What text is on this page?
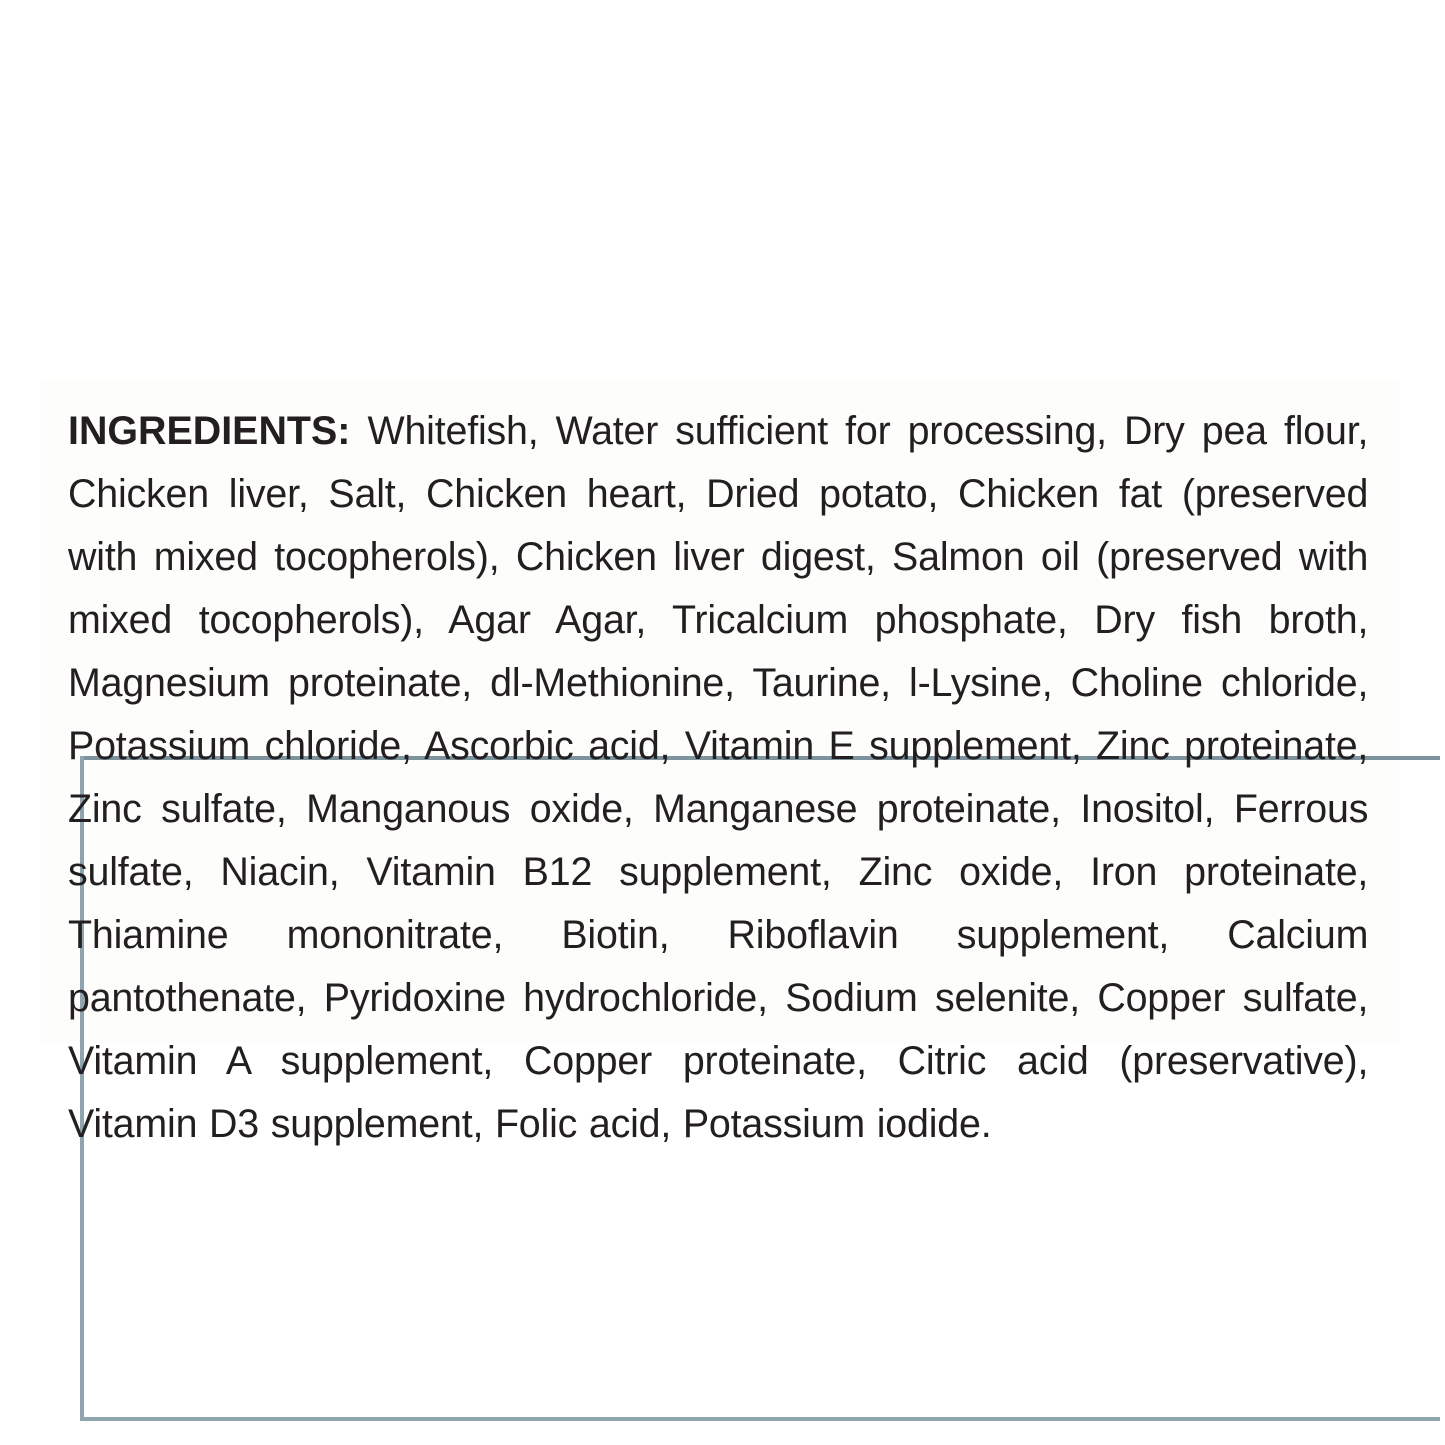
INGREDIENTS: Whitefish, Water sufficient for processing, Dry pea flour, Chicken liver, Salt, Chicken heart, Dried potato, Chicken fat (preserved with mixed tocopherols), Chicken liver digest, Salmon oil (preserved with mixed tocopherols), Agar Agar, Tricalcium phosphate, Dry fish broth, Magnesium proteinate, dl-Methionine, Taurine, l-Lysine, Choline chloride, Potassium chloride, Ascorbic acid, Vitamin E supplement, Zinc proteinate, Zinc sulfate, Manganous oxide, Manganese proteinate, Inositol, Ferrous sulfate, Niacin, Vitamin B12 supplement, Zinc oxide, Iron proteinate, Thiamine mononitrate, Biotin, Riboflavin supplement, Calcium pantothenate, Pyridoxine hydrochloride, Sodium selenite, Copper sulfate, Vitamin A supplement, Copper proteinate, Citric acid (preservative), Vitamin D3 supplement, Folic acid, Potassium iodide.
